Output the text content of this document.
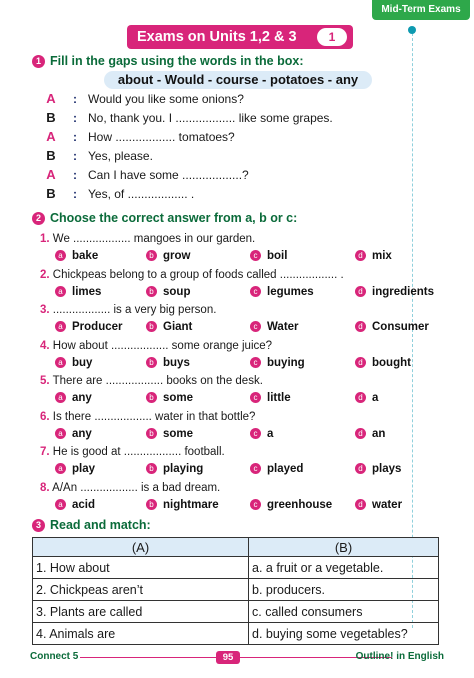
Mid-Term Exams
Exams on Units 1,2 & 3	1
1 Fill in the gaps using the words in the box:
about - Would - course - potatoes - any
A : Would you like some onions?
B : No, thank you. I .................. like some grapes.
A : How .................. tomatoes?
B : Yes, please.
A : Can I have some ..................?
B : Yes, of .................. .
2 Choose the correct answer from a, b or c:
1. We .................. mangoes in our garden.
a bake	b grow	c boil	d mix
2. Chickpeas belong to a group of foods called .................. .
a limes	b soup	c legumes	d ingredients
3. .................. is a very big person.
a Producer	b Giant	c Water	d Consumer
4. How about .................. some orange juice?
a buy	b buys	c buying	d bought
5. There are .................. books on the desk.
a any	b some	c little	d a
6. Is there .................. water in that bottle?
a any	b some	c a	d an
7. He is good at .................. football.
a play	b playing	c played	d plays
8. A/An .................. is a bad dream.
a acid	b nightmare	c greenhouse	d water
3 Read and match:
(A)	(B)
1. How about	a. a fruit or a vegetable.
2. Chickpeas aren’t	b. producers.
3. Plants are called	c. called consumers
4. Animals are	d. buying some vegetables?
Connect 5	95	Outline! in English
